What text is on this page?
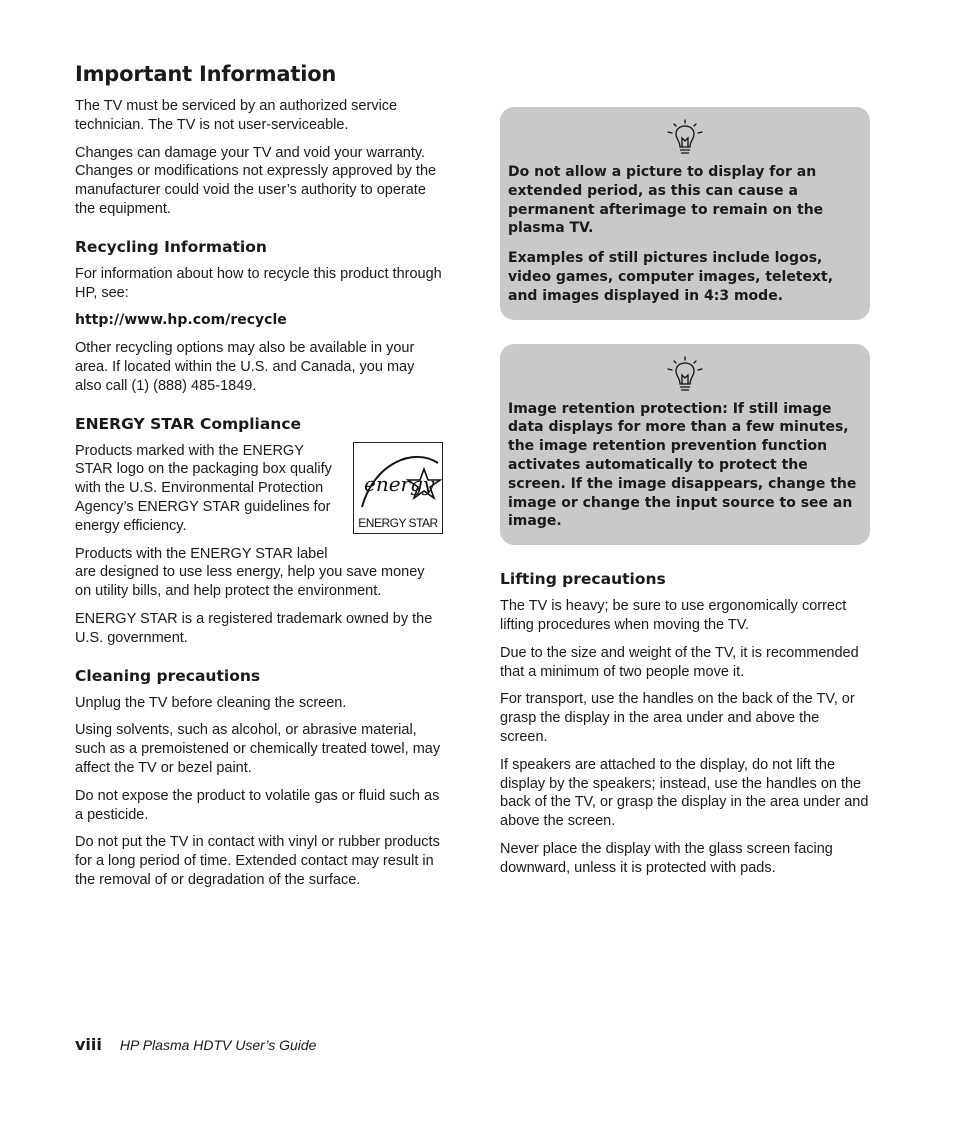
Important Information

The TV must be serviced by an authorized service technician. The TV is not user-serviceable.

Changes can damage your TV and void your warranty. Changes or modifications not expressly approved by the manufacturer could void the user’s authority to operate the equipment.

Recycling Information

For information about how to recycle this product through HP, see:

http://www.hp.com/recycle

Other recycling options may also be available in your area. If located within the U.S. and Canada, you may also call (1) (888) 485-1849.

ENERGY STAR Compliance
energy
ENERGY STAR

Products marked with the ENERGY STAR logo on the packaging box qualify with the U.S. Environmental Protection Agency’s ENERGY STAR guidelines for energy efficiency.

Products with the ENERGY STAR label
are designed to use less energy, help you save money on utility bills, and help protect the environment.

ENERGY STAR is a registered trademark owned by the U.S. government.

Cleaning precautions

Unplug the TV before cleaning the screen.

Using solvents, such as alcohol, or abrasive material, such as a premoistened or chemically treated towel, may affect the TV or bezel paint.

Do not expose the product to volatile gas or fluid such as a pesticide.

Do not put the TV in contact with vinyl or rubber products for a long period of time. Extended contact may result in the removal of or degradation of the surface.

Do not allow a picture to display for an extended period, as this can cause a permanent afterimage to remain on the plasma TV.

Examples of still pictures include logos, video games, computer images, teletext, and images displayed in 4:3 mode.

Image retention protection: If still image data displays for more than a few minutes, the image retention prevention function activates automatically to protect the screen. If the image disappears, change the image or change the input source to see an image.

Lifting precautions

The TV is heavy; be sure to use ergonomically correct lifting procedures when moving the TV.

Due to the size and weight of the TV, it is recommended that a minimum of two people move it.

For transport, use the handles on the back of the TV, or grasp the display in the area under and above the screen.

If speakers are attached to the display, do not lift the display by the speakers; instead, use the handles on the back of the TV, or grasp the display in the area under and above the screen.

Never place the display with the glass screen facing downward, unless it is protected with pads.

viii HP Plasma HDTV User’s Guide
